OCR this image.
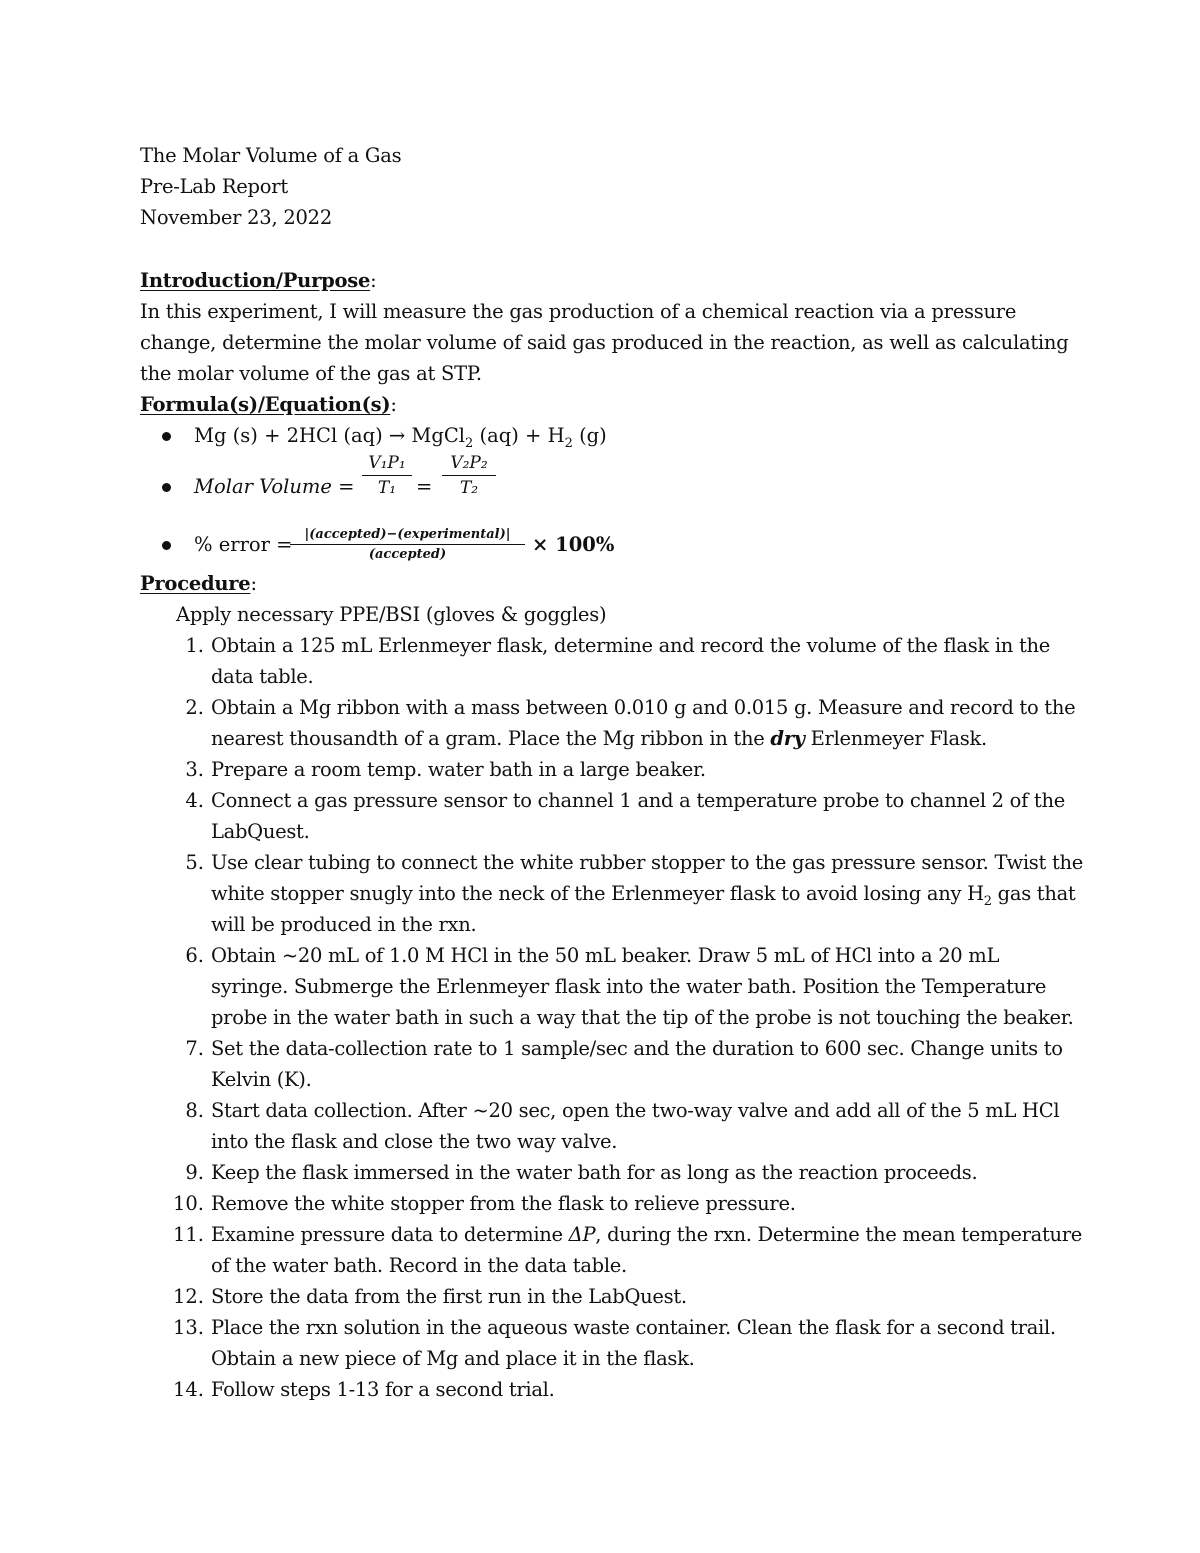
The Molar Volume of a Gas
Pre-Lab Report
November 23, 2022
Introduction/Purpose:
In this experiment, I will measure the gas production of a chemical reaction via a pressure
change, determine the molar volume of said gas produced in the reaction, as well as calculating
the molar volume of the gas at STP.
Formula(s)/Equation(s):
Mg (s) + 2HCl (aq) → MgCl$_2$ $(aq) + H_2$ (g)
Molar Volume =
V₁P₁
T₁	=
V₂P₂
T₂
% error = |(accepted)−(experimental)|
(accepted)	× 100%
Procedure:
Apply necessary PPE/BSI (gloves & goggles)
1. Obtain a 125 mL Erlenmeyer flask, determine and record the volume of the flask in the
data table.
2. Obtain a Mg ribbon with a mass between 0.010 g and 0.015 g. Measure and record to the
nearest thousandth of a gram. Place the Mg ribbon in the dry Erlenmeyer Flask.
3. Prepare a room temp. water bath in a large beaker.
4. Connect a gas pressure sensor to channel 1 and a temperature probe to channel 2 of the
LabQuest.
5. Use clear tubing to connect the white rubber stopper to the gas pressure sensor. Twist the
white stopper snugly into the neck of the Erlenmeyer flask to avoid losing any $H_2$ gas that
will be produced in the rxn.
6. Obtain ~20 mL of 1.0 M HCl in the 50 mL beaker. Draw 5 mL of HCl into a 20 mL
syringe. Submerge the Erlenmeyer flask into the water bath. Position the Temperature
probe in the water bath in such a way that the tip of the probe is not touching the beaker.
7. Set the data-collection rate to 1 sample/sec and the duration to 600 sec. Change units to
Kelvin (K).
8. Start data collection. After ~20 sec, open the two-way valve and add all of the 5 mL HCl
into the flask and close the two way valve.
9. Keep the flask immersed in the water bath for as long as the reaction proceeds.
10. Remove the white stopper from the flask to relieve pressure.
11. Examine pressure data to determine ΔP, during the rxn. Determine the mean temperature
of the water bath. Record in the data table.
12. Store the data from the first run in the LabQuest.
13. Place the rxn solution in the aqueous waste container. Clean the flask for a second trail.
Obtain a new piece of Mg and place it in the flask.
14. Follow steps 1-13 for a second trial.
